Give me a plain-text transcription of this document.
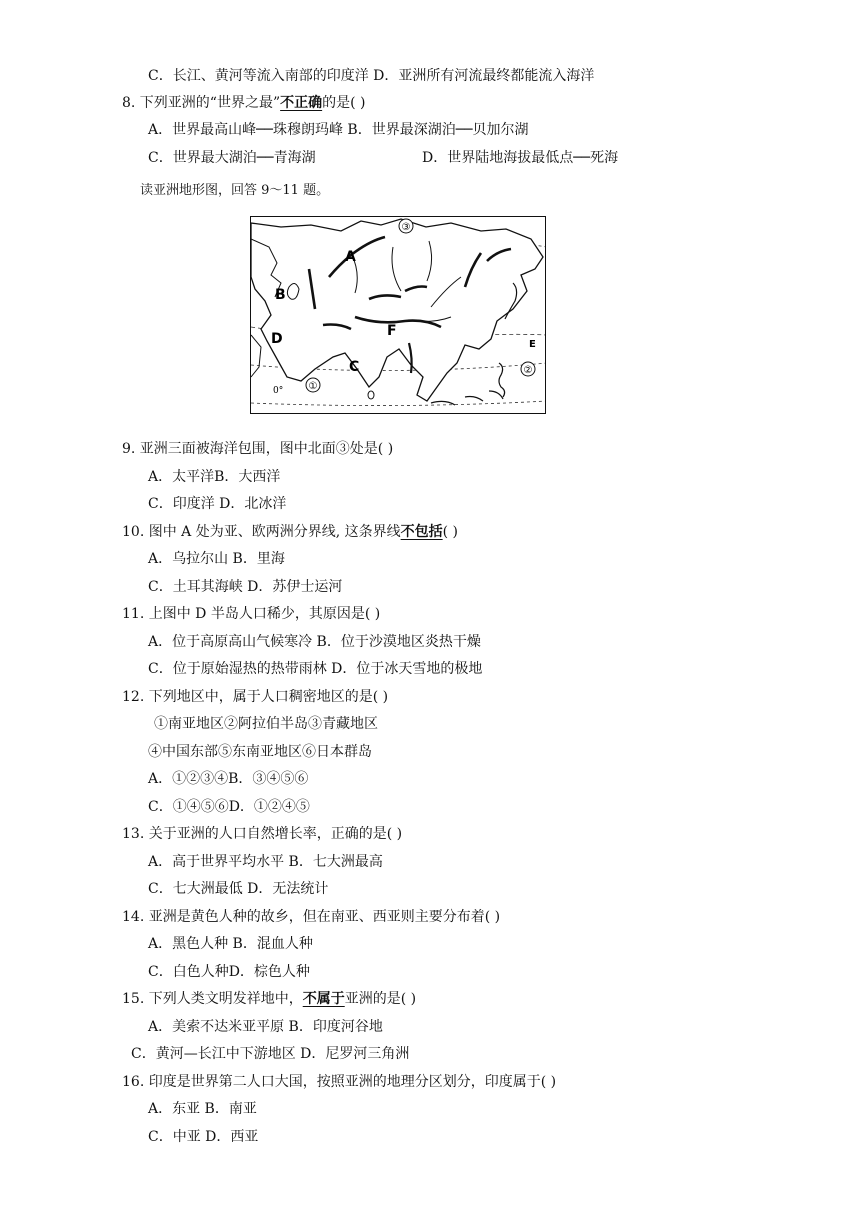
C．长江、黄河等流入南部的印度洋 D．亚洲所有河流最终都能流入海洋
8. 下列亚洲的“世界之最”不正确的是( )
A．世界最高山峰──珠穆朗玛峰 B．世界最深湖泊──贝加尔湖
C．世界最大湖泊──青海湖	D．世界陆地海拔最低点──死海
读亚洲地形图，回答 9～11 题。
A
B
C
D	E
F
③
①
②
0°
9. 亚洲三面被海洋包围，图中北面③处是( )
A．太平洋B．大西洋
C．印度洋 D．北冰洋
10. 图中 A 处为亚、欧两洲分界线, 这条界线不包括( )
A．乌拉尔山 B．里海
C．土耳其海峡 D．苏伊士运河
11. 上图中 D 半岛人口稀少，其原因是( )
A．位于高原高山气候寒冷 B．位于沙漠地区炎热干燥
C．位于原始湿热的热带雨林 D．位于冰天雪地的极地
12. 下列地区中，属于人口稠密地区的是( )
①南亚地区②阿拉伯半岛③青藏地区
④中国东部⑤东南亚地区⑥日本群岛
A．①②③④B．③④⑤⑥
C．①④⑤⑥D．①②④⑤
13. 关于亚洲的人口自然增长率，正确的是( )
A．高于世界平均水平 B．七大洲最高
C．七大洲最低 D．无法统计
14. 亚洲是黄色人种的故乡，但在南亚、西亚则主要分布着( )
A．黑色人种 B．混血人种
C．白色人种D．棕色人种
15. 下列人类文明发祥地中，不属于亚洲的是( )
A．美索不达米亚平原 B．印度河谷地
C．黄河—长江中下游地区 D．尼罗河三角洲
16. 印度是世界第二人口大国，按照亚洲的地理分区划分，印度属于( )
A．东亚 B．南亚
C．中亚 D．西亚
